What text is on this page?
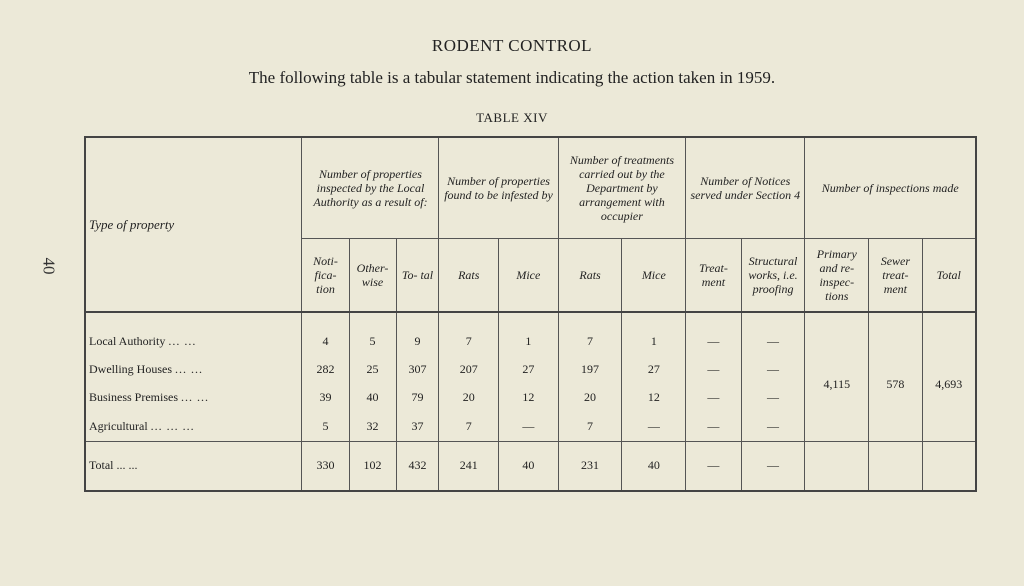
40
RODENT CONTROL
The following table is a tabular statement indicating the action taken in 1959.
TABLE XIV
Type of property	Number of properties inspected by the Local Authority as a result of:			Number of properties found to be infested by		Number of treatments carried out by the Department by arrangement with occupier		Number of Notices served under Section 4		Number of inspections made		
	Noti- fica- tion	Other- wise	To- tal	Rats	Mice	Rats	Mice	Treat- ment	Structural works, i.e. proofing	Primary and re- inspec- tions	Sewer treat- ment	Total
Local Authority ... ...	4	5	9	7	1	7	1	—	—	4,115	578	4,693
Dwelling Houses ... ...	282	25	307	207	27	197	27	—	—			
Business Premises ... ...	39	40	79	20	12	20	12	—	—			
Agricultural ... ... ...	5	32	37	7	—	7	—	—	—			
Total ... ...	330	102	432	241	40	231	40	—	—			
